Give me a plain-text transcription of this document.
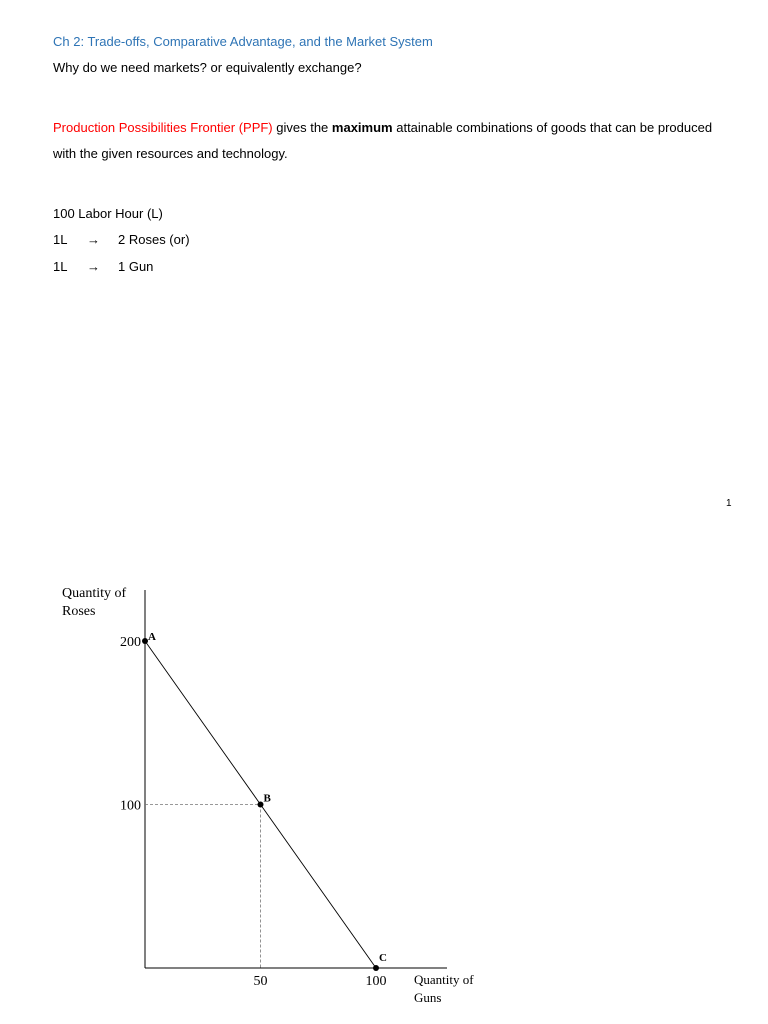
Ch 2: Trade-offs, Comparative Advantage, and the Market System
Why do we need markets? or equivalently exchange?
Production Possibilities Frontier (PPF) gives the maximum attainable combinations of goods that can be produced
with the given resources and technology.
100 Labor Hour (L)
1L → 2 Roses (or)
1L → 1 Gun
1
Quantity of
Roses
A
B
C
200
100
50	100 Quantity of
Guns
